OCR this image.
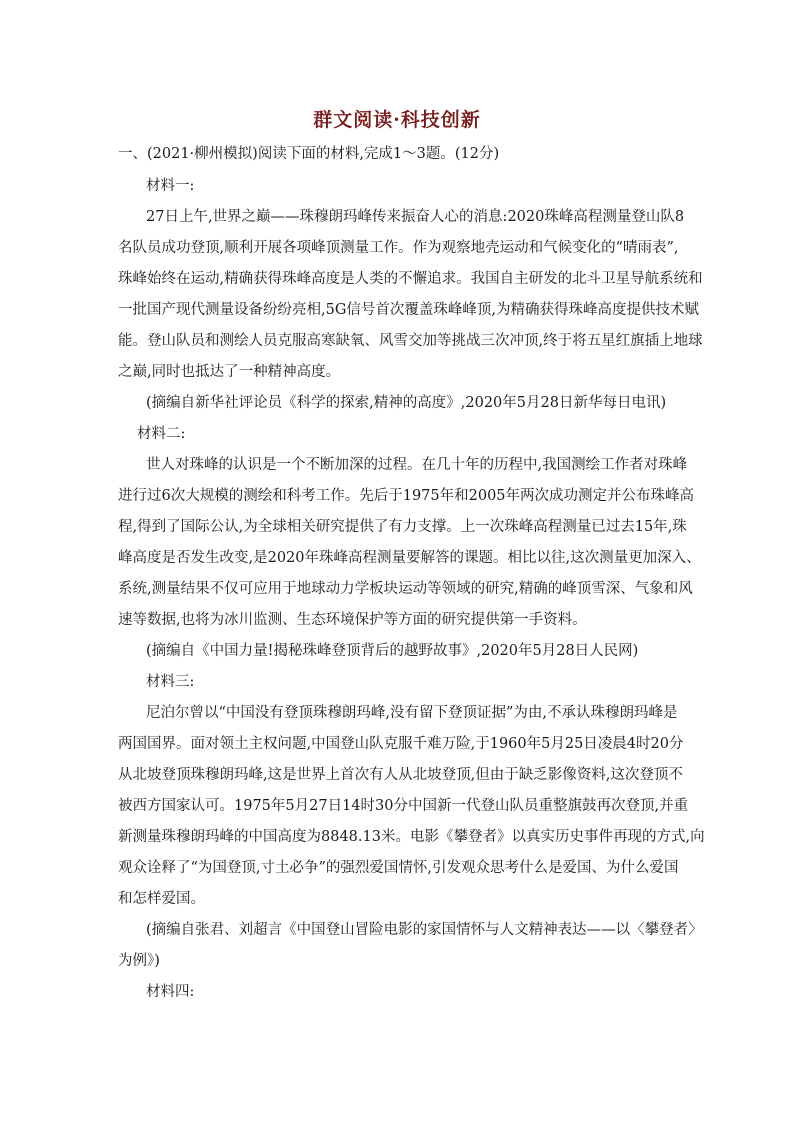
群文阅读·科技创新
一、(2021·柳州模拟)阅读下面的材料,完成1～3题。(12分)
材料一:
27日上午,世界之巅——珠穆朗玛峰传来振奋人心的消息:2020珠峰高程测量登山队8
名队员成功登顶,顺利开展各项峰顶测量工作。作为观察地壳运动和气候变化的“晴雨表”,
珠峰始终在运动,精确获得珠峰高度是人类的不懈追求。我国自主研发的北斗卫星导航系统和
一批国产现代测量设备纷纷亮相,5G信号首次覆盖珠峰峰顶,为精确获得珠峰高度提供技术赋
能。登山队员和测绘人员克服高寒缺氧、风雪交加等挑战三次冲顶,终于将五星红旗插上地球
之巅,同时也抵达了一种精神高度。
(摘编自新华社评论员《科学的探索,精神的高度》,2020年5月28日新华每日电讯)
材料二:
世人对珠峰的认识是一个不断加深的过程。在几十年的历程中,我国测绘工作者对珠峰
进行过6次大规模的测绘和科考工作。先后于1975年和2005年两次成功测定并公布珠峰高
程,得到了国际公认,为全球相关研究提供了有力支撑。上一次珠峰高程测量已过去15年,珠
峰高度是否发生改变,是2020年珠峰高程测量要解答的课题。相比以往,这次测量更加深入、
系统,测量结果不仅可应用于地球动力学板块运动等领域的研究,精确的峰顶雪深、气象和风
速等数据,也将为冰川监测、生态环境保护等方面的研究提供第一手资料。
(摘编自《中国力量!揭秘珠峰登顶背后的越野故事》,2020年5月28日人民网)
材料三:
尼泊尔曾以“中国没有登顶珠穆朗玛峰,没有留下登顶证据”为由,不承认珠穆朗玛峰是
两国国界。面对领土主权问题,中国登山队克服千难万险,于1960年5月25日凌晨4时20分
从北坡登顶珠穆朗玛峰,这是世界上首次有人从北坡登顶,但由于缺乏影像资料,这次登顶不
被西方国家认可。1975年5月27日14时30分中国新一代登山队员重整旗鼓再次登顶,并重
新测量珠穆朗玛峰的中国高度为8848.13米。电影《攀登者》以真实历史事件再现的方式,向
观众诠释了“为国登顶,寸土必争”的强烈爱国情怀,引发观众思考什么是爱国、为什么爱国
和怎样爱国。
(摘编自张君、刘超言《中国登山冒险电影的家国情怀与人文精神表达——以〈攀登者〉
为例》)
材料四:
